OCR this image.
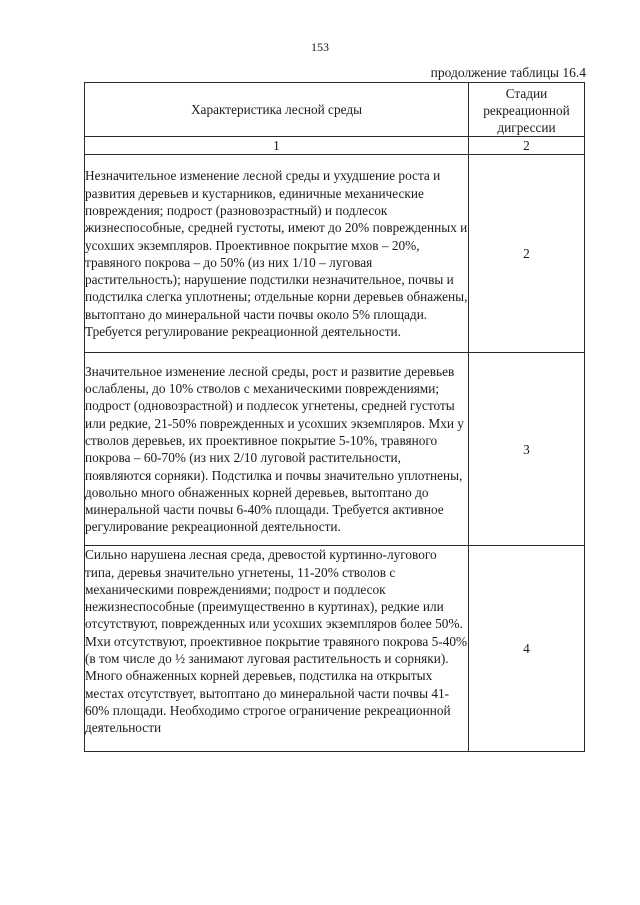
153
продолжение таблицы 16.4
Характеристика лесной среды	Стадии рекреационной дигрессии
1	2
Незначительное изменение лесной среды и ухудшение роста и развития деревьев и кустарников, единичные механические повреждения; подрост (разновозрастный) и подлесок жизнеспособные, средней густоты, имеют до 20% поврежденных и усохших экземпляров. Проективное покрытие мхов – 20%, травяного покрова – до 50% (из них 1/10 – луговая растительность); нарушение подстилки незначительное, почвы и подстилка слегка уплотнены; отдельные корни деревьев обнажены, вытоптано до минеральной части почвы около 5% площади. Требуется регулирование рекреационной деятельности.	2
Значительное изменение лесной среды, рост и развитие деревьев ослаблены, до 10% стволов с механическими повреждениями; подрост (одновозрастной) и подлесок угнетены, средней густоты или редкие, 21-50% поврежденных и усохших экземпляров. Мхи у стволов деревьев, их проективное покрытие 5-10%, травяного покрова – 60-70% (из них 2/10 луговой растительности, появляются сорняки). Подстилка и почвы значительно уплотнены, довольно много обнаженных корней деревьев, вытоптано до минеральной части почвы 6-40% площади. Требуется активное регулирование рекреационной деятельности.	3
Сильно нарушена лесная среда, древостой куртинно-лугового типа, деревья значительно угнетены, 11-20% стволов с механическими повреждениями; подрост и подлесок нежизнеспособные (преимущественно в куртинах), редкие или отсутствуют, поврежденных или усохших экземпляров более 50%. Мхи отсутствуют, проективное покрытие травяного покрова 5-40% (в том числе до ½ занимают луговая растительность и сорняки). Много обнаженных корней деревьев, подстилка на открытых местах отсутствует, вытоптано до минеральной части почвы 41-60% площади. Необходимо строгое ограничение рекреационной деятельности	4
